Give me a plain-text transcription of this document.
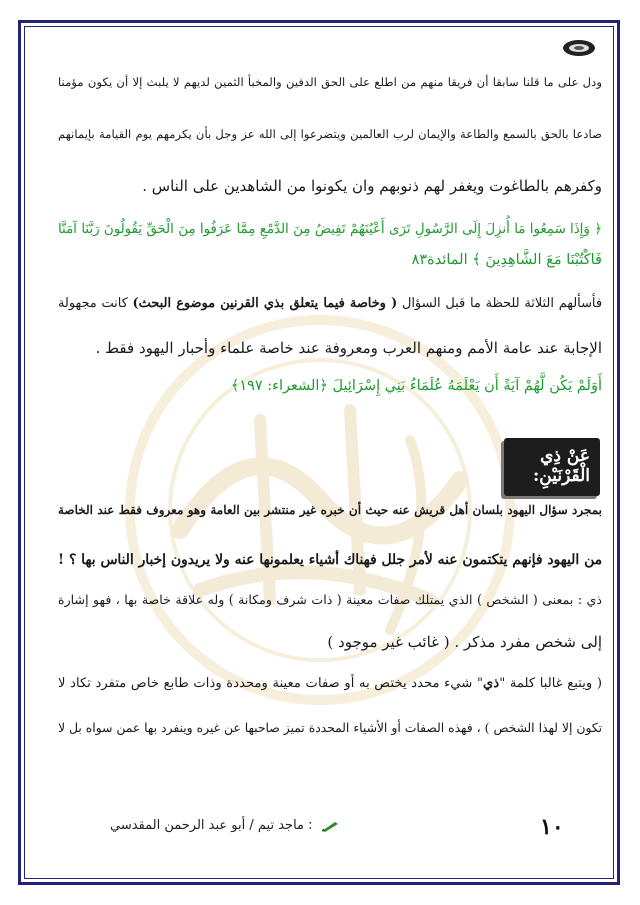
ودل على ما قلنا سابقا أن فريقا منهم من اطلع على الحق الدفين والمخبأ الثمين لديهم لا يلبث إلا أن يكون مؤمنا

صادعا بالحق بالسمع والطاعة والإيمان لرب العالمين ويتضرعوا إلى الله عز وجل بأن يكرمهم يوم القيامة بإيمانهم

وكفرهم بالطاغوت ويغفر لهم ذنوبهم وان يكونوا من الشاهدين على الناس .

﴿ وَإِذَا سَمِعُوا مَا أُنزِلَ إِلَى الرَّسُولِ تَرَى أَعْيُنَهُمْ تَفِيضُ مِنَ الدَّمْعِ مِمَّا عَرَفُوا مِنَ الْحَقِّ يَقُولُونَ رَبَّنَا آمَنَّا

فَاكْتُبْنَا مَعَ الشَّاهِدِينَ ﴾ المائدة٨٣

فأسألهم الثلاثة للحظة ما قبل السؤال ( وخاصة فيما يتعلق بذي القرنين موضوع البحث) كانت مجهولة

الإجابة عند عامة الأمم ومنهم العرب ومعروفة عند خاصة علماء وأحبار اليهود فقط .

أَوَلَمْ يَكُن لَّهُمْ آيَةً أَن يَعْلَمَهُ عُلَمَاءُ بَنِي إِسْرَائِيلَ ﴿الشعراء: ١٩٧﴾

عَنْ ذِي الْقَرْنَيْنِ:

بمجرد سؤال اليهود بلسان أهل قريش عنه حيث أن خبره غير منتشر بين العامة وهو معروف فقط عند الخاصة

من اليهود فإنهم يتكتمون عنه لأمر جلل فهناك أشياء يعلمونها عنه ولا يريدون إخبار الناس بها ؟ !

ذي : بمعنى ( الشخص ) الذي يمتلك صفات معينة ( ذات شرف ومكانة ) وله علاقة خاصة بها ، فهو إشارة

إلى شخص مفرد مذكر . ( غائب غير موجود )

( ويتبع غالبا كلمة "ذي" شيء محدد يختص به أو صفات معينة ومحددة وذات طابع خاص متفرد تكاد لا

تكون إلا لهذا الشخص ) ، فهذه الصفات أو الأشياء المحددة تميز صاحبها عن غيره وينفرد بها عمن سواه بل لا

: ماجد تيم / أبو عبد الرحمن المقدسي	١٠
